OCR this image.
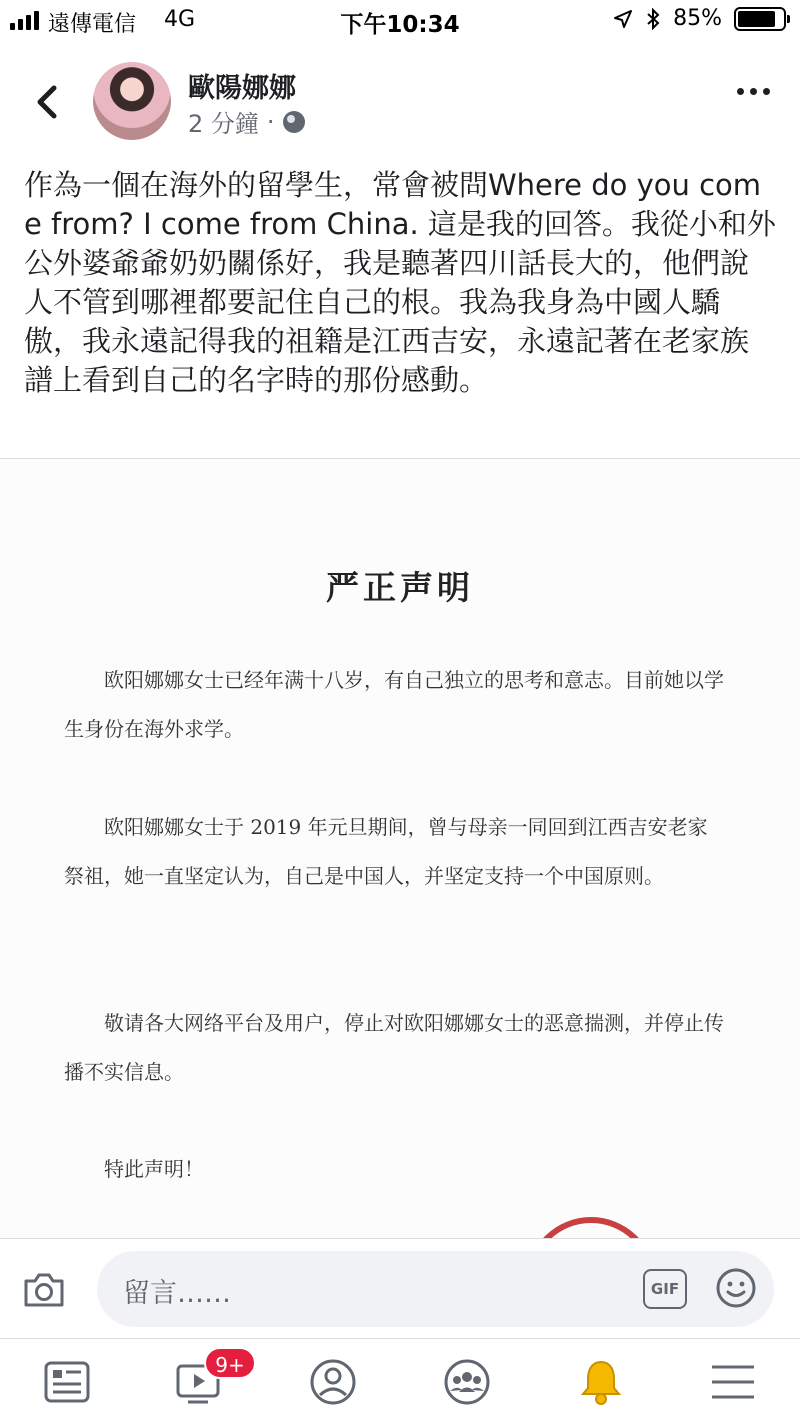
遠傳電信 4G	下午10:34	85%
歐陽娜娜
2 分鐘 ·
作為一個在海外的留學生，常會被問Where do you come from? I come from China. 這是我的回答。我從小和外公外婆爺爺奶奶關係好，我是聽著四川話長大的，他們說人不管到哪裡都要記住自己的根。我為我身為中國人驕傲，我永遠記得我的祖籍是江西吉安，永遠記著在老家族譜上看到自己的名字時的那份感動。
严正声明
欧阳娜娜女士已经年满十八岁，有自己独立的思考和意志。目前她以学生身份在海外求学。
欧阳娜娜女士于 2019 年元旦期间，曾与母亲一同回到江西吉安老家祭祖，她一直坚定认为，自己是中国人，并坚定支持一个中国原则。
敬请各大网络平台及用户，停止对欧阳娜娜女士的恶意揣测，并停止传播不实信息。
特此声明！
留言……	GIF
9+
